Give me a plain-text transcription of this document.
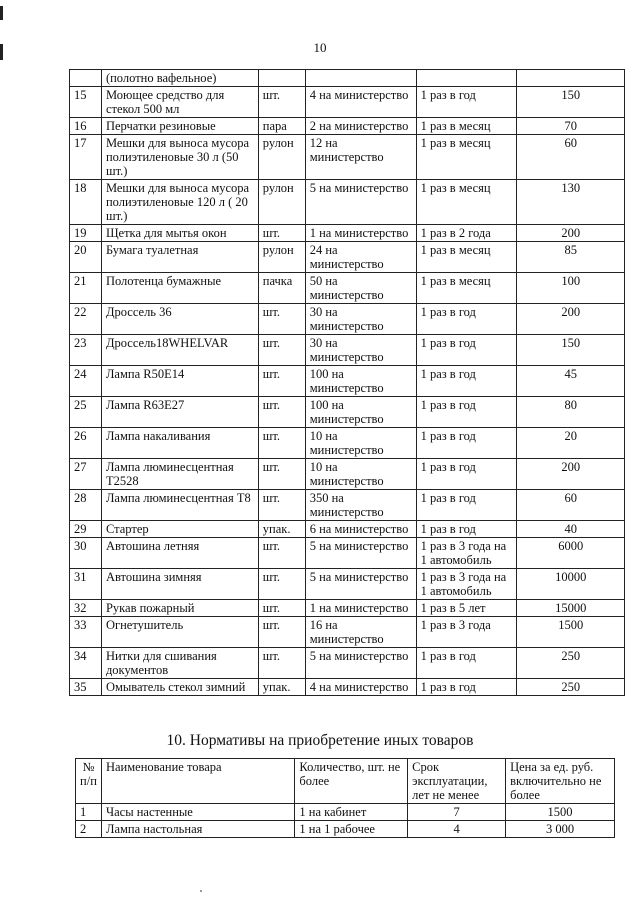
10
	(полотно вафельное)				
15	Моющее средство для стекол 500 мл	шт.	4 на министерство	1 раз в год	150
16	Перчатки резиновые	пара	2 на министерство	1 раз в месяц	70
17	Мешки для выноса мусора полиэтиленовые 30 л (50 шт.)	рулон	12 на министерство	1 раз в месяц	60
18	Мешки для выноса мусора полиэтиленовые 120 л ( 20 шт.)	рулон	5 на министерство	1 раз в месяц	130
19	Щетка для мытья окон	шт.	1 на министерство	1 раз в 2 года	200
20	Бумага туалетная	рулон	24 на министерство	1 раз в месяц	85
21	Полотенца бумажные	пачка	50 на министерство	1 раз в месяц	100
22	Дроссель 36	шт.	30 на министерство	1 раз в год	200
23	Дроссель18WHELVAR	шт.	30 на министерство	1 раз в год	150
24	Лампа R50E14	шт.	100 на министерство	1 раз в год	45
25	Лампа R63E27	шт.	100 на министерство	1 раз в год	80
26	Лампа накаливания	шт.	10 на министерство	1 раз в год	20
27	Лампа люминесцентная Т2528	шт.	10 на министерство	1 раз в год	200
28	Лампа люминесцентная Т8	шт.	350 на министерство	1 раз в год	60
29	Стартер	упак.	6 на министерство	1 раз в год	40
30	Автошина летняя	шт.	5 на министерство	1 раз в 3 года на 1 автомобиль	6000
31	Автошина зимняя	шт.	5 на министерство	1 раз в 3 года на 1 автомобиль	10000
32	Рукав пожарный	шт.	1 на министерство	1 раз в 5 лет	15000
33	Огнетушитель	шт.	16 на министерство	1 раз в 3 года	1500
34	Нитки для сшивания документов	шт.	5 на министерство	1 раз в год	250
35	Омыватель стекол зимний	упак.	4 на министерство	1 раз в год	250
10. Нормативы на приобретение иных товаров
№ п/п	Наименование товара	Количество, шт. не более	Срок эксплуатации, лет не менее	Цена за ед. руб. включительно не более
1	Часы настенные	1 на кабинет	7	1500
2	Лампа настольная	1 на 1 рабочее	4	3 000
